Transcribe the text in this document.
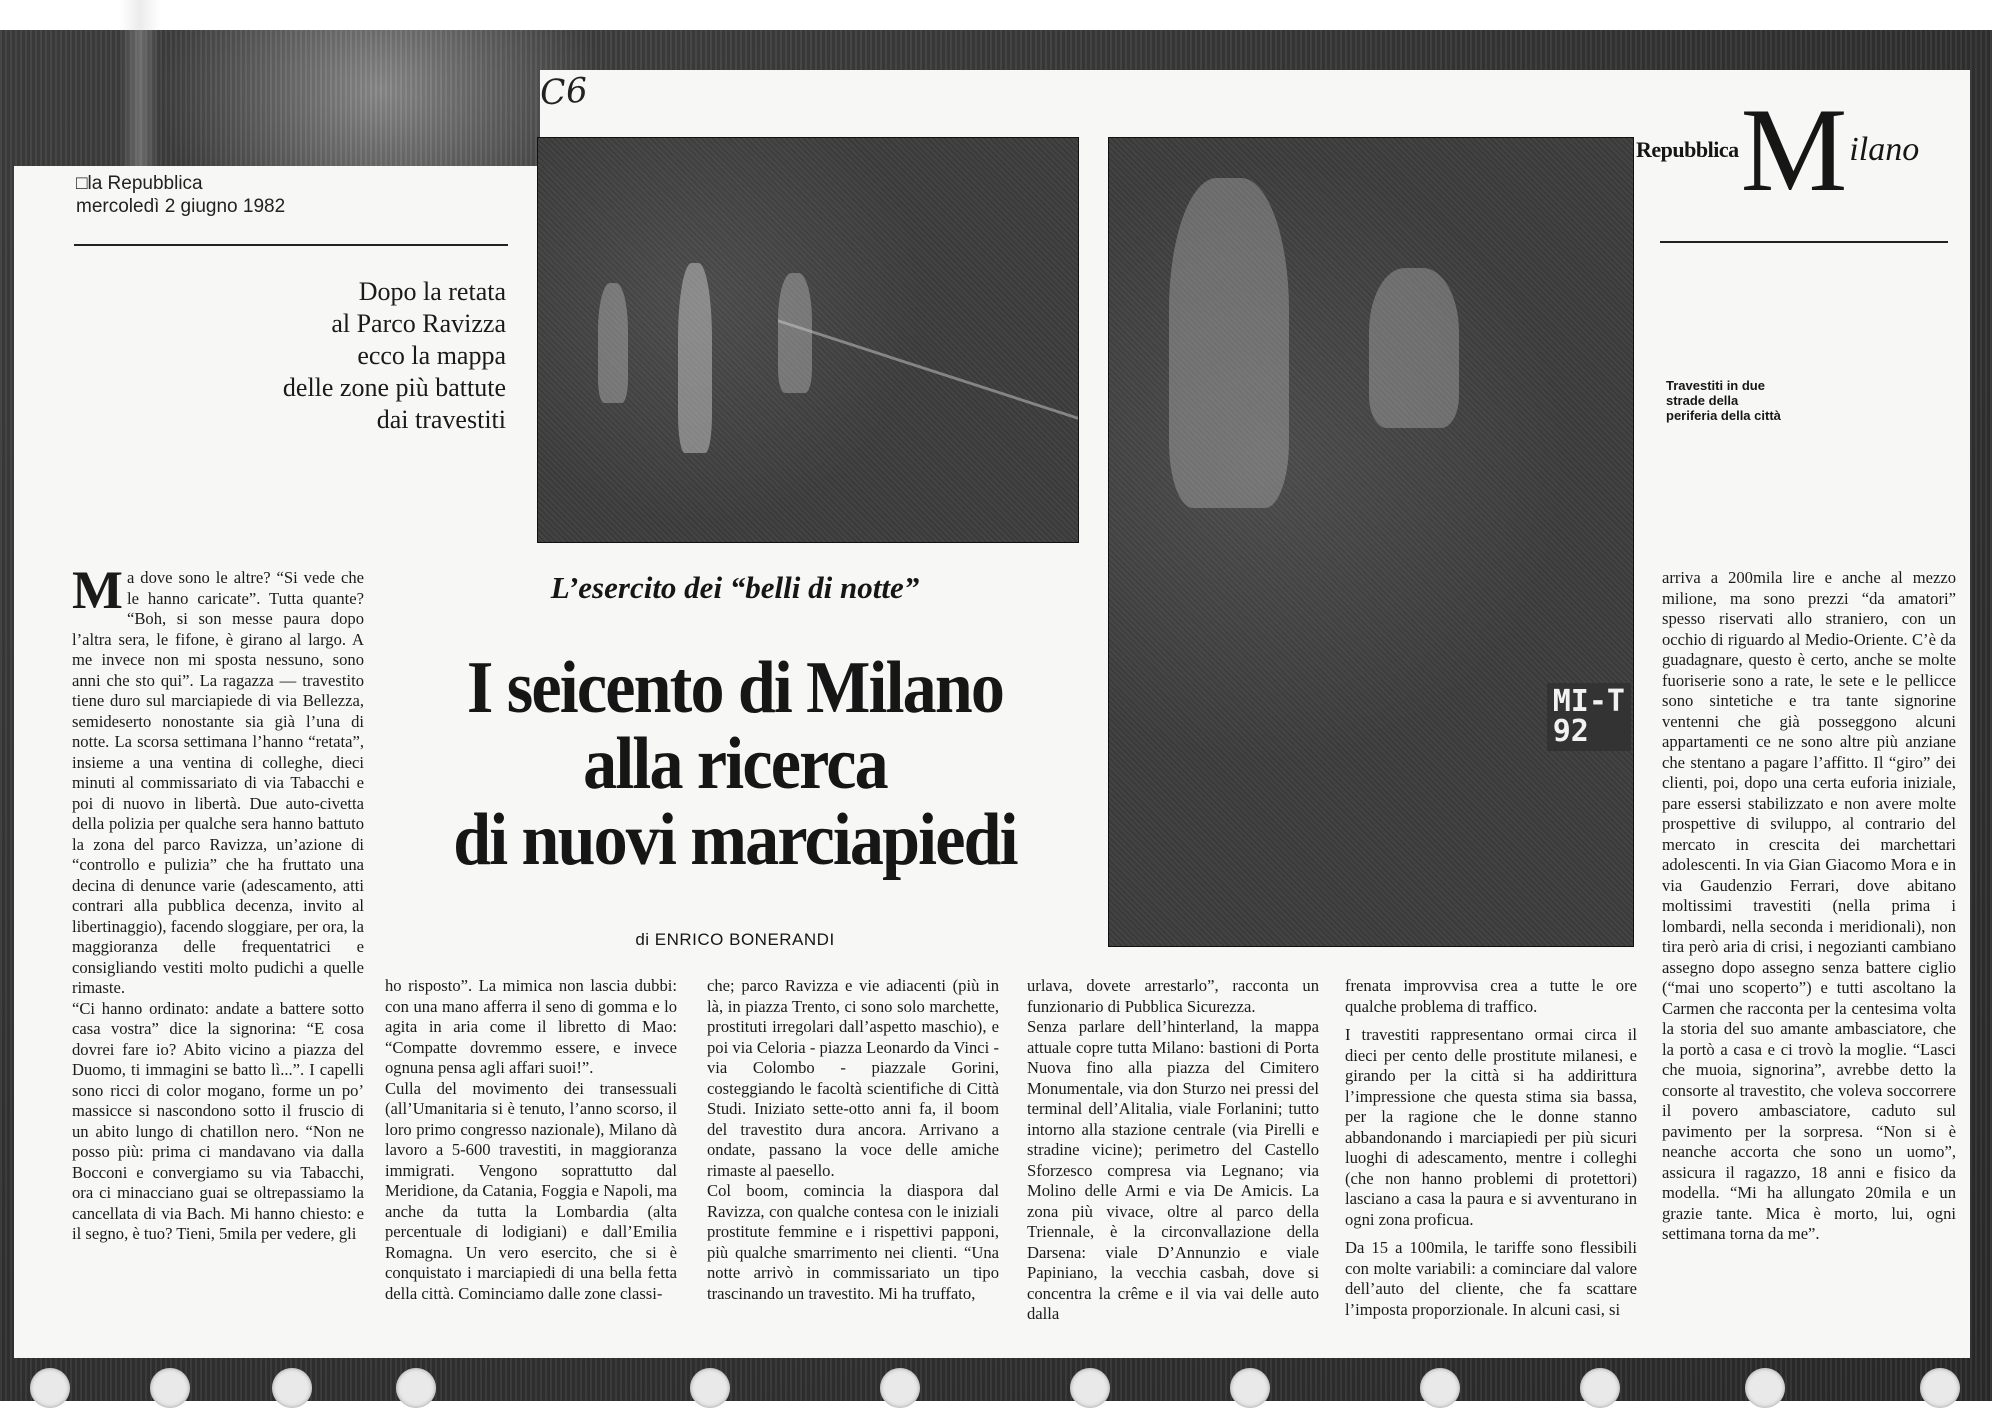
C6
□ la Repubblica
mercoledì 2 giugno 1982
Dopo la retata
al Parco Ravizza
ecco la mappa
delle zone più battute
dai travestiti
MI-T
92
Repubblica M ilano
Travestiti in due strade della periferia della città
L’esercito dei “belli di notte”
I seicento di Milano
alla ricerca
di nuovi marciapiedi
di ENRICO BONERANDI

Ma dove sono le altre? “Si vede che le hanno caricate”. Tutta quante? “Boh, si son messe paura dopo l’altra sera, le fifone, è girano al largo. A me invece non mi sposta nessuno, sono anni che sto qui”. La ragazza — travestito tiene duro sul marciapiede di via Bellezza, semideserto nonostante sia già l’una di notte. La scorsa settimana l’hanno “retata”, insieme a una ventina di colleghe, dieci minuti al commissariato di via Tabacchi e poi di nuovo in libertà. Due auto-civetta della polizia per qualche sera hanno battuto la zona del parco Ravizza, un’azione di “controllo e pulizia” che ha fruttato una decina di denunce varie (adescamento, atti contrari alla pubblica decenza, invito al libertinaggio), facendo sloggiare, per ora, la maggioranza delle frequentatrici e consigliando vestiti molto pudichi a quelle rimaste.

“Ci hanno ordinato: andate a battere sotto casa vostra” dice la signorina: “E cosa dovrei fare io? Abito vicino a piazza del Duomo, ti immagini se batto lì...”. I capelli sono ricci di color mogano, forme un po’ massicce si nascondono sotto il fruscio di un abito lungo di chatillon nero. “Non ne posso più: prima ci mandavano via dalla Bocconi e convergiamo su via Tabacchi, ora ci minacciano guai se oltrepassiamo la cancellata di via Bach. Mi hanno chiesto: e il segno, è tuo? Tieni, 5mila per vedere, gli

ho risposto”. La mimica non lascia dubbi: con una mano afferra il seno di gomma e lo agita in aria come il libretto di Mao: “Compatte dovremmo essere, e invece ognuna pensa agli affari suoi!”.

Culla del movimento dei transessuali (all’Umanitaria si è tenuto, l’anno scorso, il loro primo congresso nazionale), Milano dà lavoro a 5-600 travestiti, in maggioranza immigrati. Vengono soprattutto dal Meridione, da Catania, Foggia e Napoli, ma anche da tutta la Lombardia (alta percentuale di lodigiani) e dall’Emilia Romagna. Un vero esercito, che si è conquistato i marciapiedi di una bella fetta della città. Cominciamo dalle zone classi-

che; parco Ravizza e vie adiacenti (più in là, in piazza Trento, ci sono solo marchette, prostituti irregolari dall’aspetto maschio), e poi via Celoria - piazza Leonardo da Vinci - via Colombo - piazzale Gorini, costeggiando le facoltà scientifiche di Città Studi. Iniziato sette-otto anni fa, il boom del travestito dura ancora. Arrivano a ondate, passano la voce delle amiche rimaste al paesello.

Col boom, comincia la diaspora dal Ravizza, con qualche contesa con le iniziali prostitute femmine e i rispettivi papponi, più qualche smarrimento nei clienti. “Una notte arrivò in commissariato un tipo trascinando un travestito. Mi ha truffato,

urlava, dovete arrestarlo”, racconta un funzionario di Pubblica Sicurezza.

Senza parlare dell’hinterland, la mappa attuale copre tutta Milano: bastioni di Porta Nuova fino alla piazza del Cimitero Monumentale, via don Sturzo nei pressi del terminal dell’Alitalia, viale Forlanini; tutto intorno alla stazione centrale (via Pirelli e stradine vicine); perimetro del Castello Sforzesco compresa via Legnano; via Molino delle Armi e via De Amicis. La zona più vivace, oltre al parco della Triennale, è la circonvallazione della Darsena: viale D’Annunzio e viale Papiniano, la vecchia casbah, dove si concentra la crême e il via vai delle auto dalla

frenata improvvisa crea a tutte le ore qualche problema di traffico.

I travestiti rappresentano ormai circa il dieci per cento delle prostitute milanesi, e girando per la città si ha addirittura l’impressione che questa stima sia bassa, per la ragione che le donne stanno abbandonando i marciapiedi per più sicuri luoghi di adescamento, mentre i colleghi (che non hanno problemi di protettori) lasciano a casa la paura e si avventurano in ogni zona proficua.

Da 15 a 100mila, le tariffe sono flessibili con molte variabili: a cominciare dal valore dell’auto del cliente, che fa scattare l’imposta proporzionale. In alcuni casi, si

arriva a 200mila lire e anche al mezzo milione, ma sono prezzi “da amatori” spesso riservati allo straniero, con un occhio di riguardo al Medio-Oriente. C’è da guadagnare, questo è certo, anche se molte fuoriserie sono a rate, le sete e le pellicce sono sintetiche e tra tante signorine ventenni che già posseggono alcuni appartamenti ce ne sono altre più anziane che stentano a pagare l’affitto. Il “giro” dei clienti, poi, dopo una certa euforia iniziale, pare essersi stabilizzato e non avere molte prospettive di sviluppo, al contrario del mercato in crescita dei marchettari adolescenti. In via Gian Giacomo Mora e in via Gaudenzio Ferrari, dove abitano moltissimi travestiti (nella prima i lombardi, nella seconda i meridionali), non tira però aria di crisi, i negozianti cambiano assegno dopo assegno senza battere ciglio (“mai uno scoperto”) e tutti ascoltano la Carmen che racconta per la centesima volta la storia del suo amante ambasciatore, che la portò a casa e ci trovò la moglie. “Lasci che muoia, signorina”, avrebbe detto la consorte al travestito, che voleva soccorrere il povero ambasciatore, caduto sul pavimento per la sorpresa. “Non si è neanche accorta che sono un uomo”, assicura il ragazzo, 18 anni e fisico da modella. “Mi ha allungato 20mila e un grazie tante. Mica è morto, lui, ogni settimana torna da me”.
